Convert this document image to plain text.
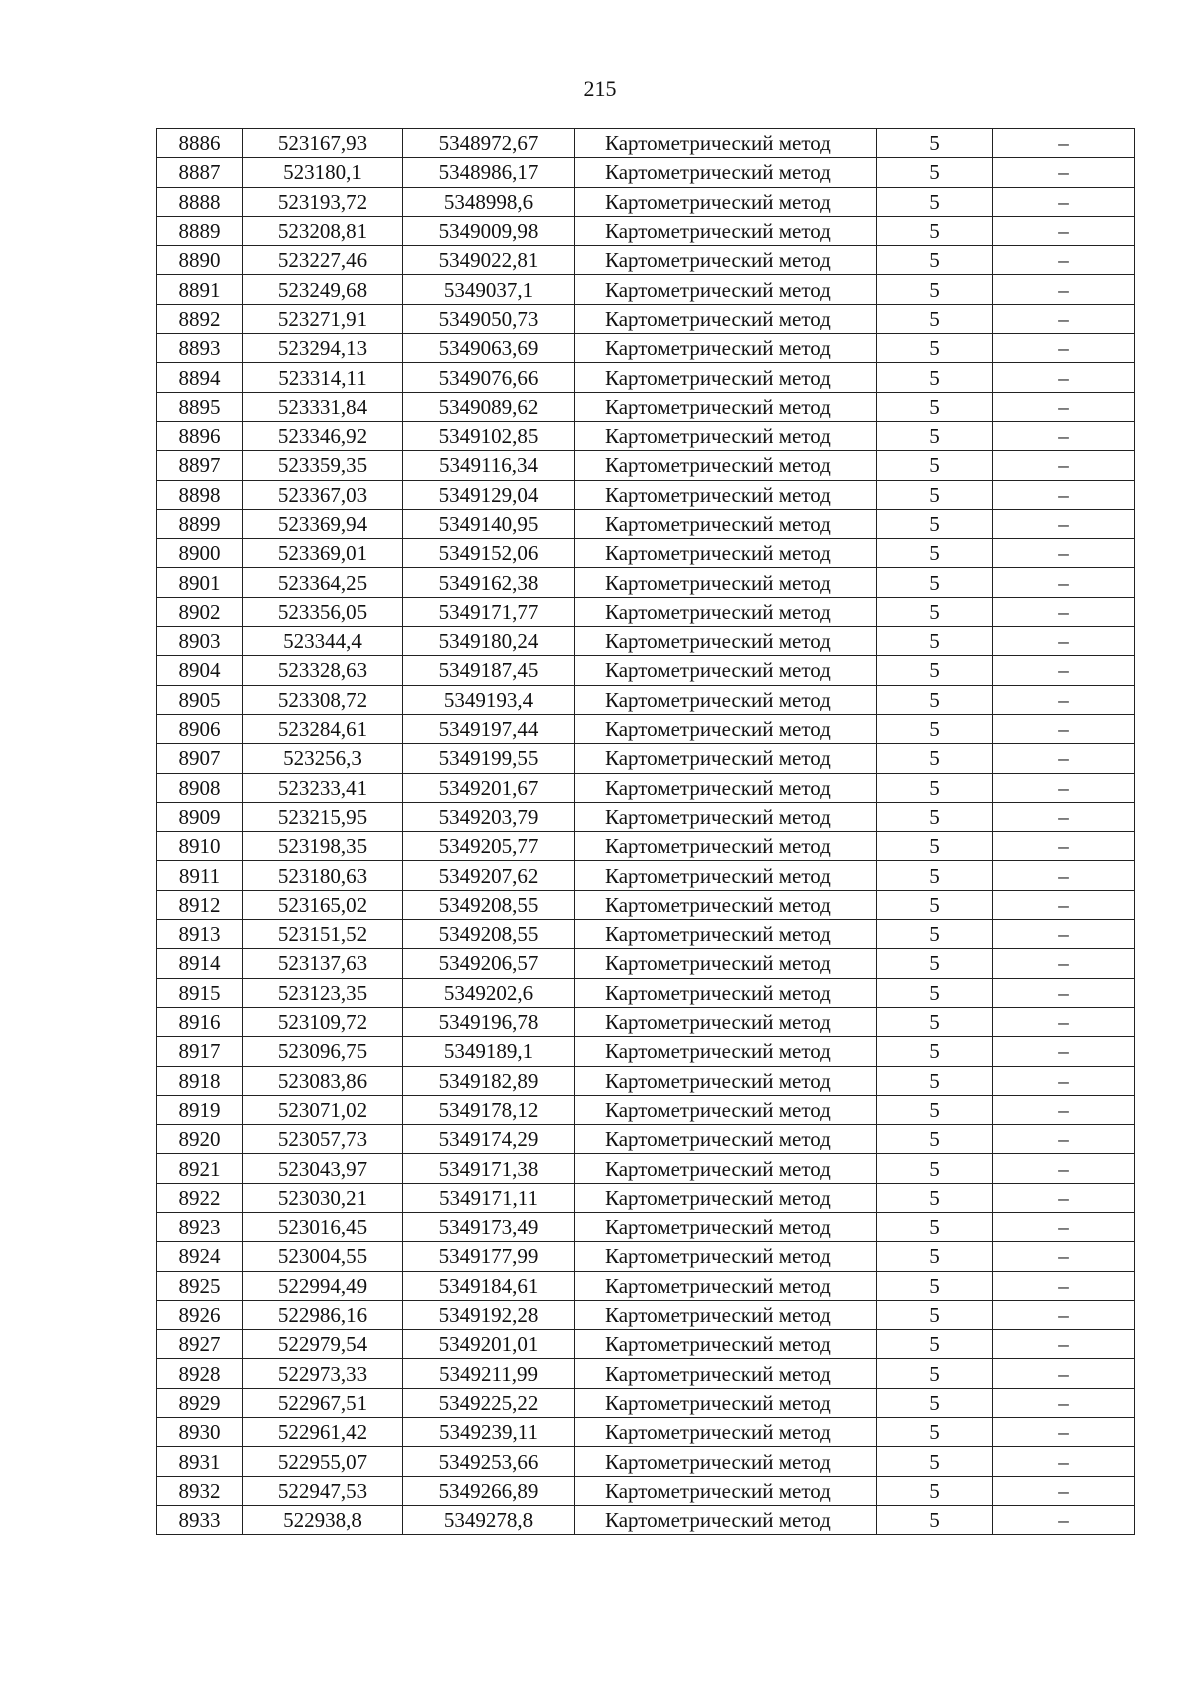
215
8886	523167,93	5348972,67	Картометрический метод	5	–
8887	523180,1	5348986,17	Картометрический метод	5	–
8888	523193,72	5348998,6	Картометрический метод	5	–
8889	523208,81	5349009,98	Картометрический метод	5	–
8890	523227,46	5349022,81	Картометрический метод	5	–
8891	523249,68	5349037,1	Картометрический метод	5	–
8892	523271,91	5349050,73	Картометрический метод	5	–
8893	523294,13	5349063,69	Картометрический метод	5	–
8894	523314,11	5349076,66	Картометрический метод	5	–
8895	523331,84	5349089,62	Картометрический метод	5	–
8896	523346,92	5349102,85	Картометрический метод	5	–
8897	523359,35	5349116,34	Картометрический метод	5	–
8898	523367,03	5349129,04	Картометрический метод	5	–
8899	523369,94	5349140,95	Картометрический метод	5	–
8900	523369,01	5349152,06	Картометрический метод	5	–
8901	523364,25	5349162,38	Картометрический метод	5	–
8902	523356,05	5349171,77	Картометрический метод	5	–
8903	523344,4	5349180,24	Картометрический метод	5	–
8904	523328,63	5349187,45	Картометрический метод	5	–
8905	523308,72	5349193,4	Картометрический метод	5	–
8906	523284,61	5349197,44	Картометрический метод	5	–
8907	523256,3	5349199,55	Картометрический метод	5	–
8908	523233,41	5349201,67	Картометрический метод	5	–
8909	523215,95	5349203,79	Картометрический метод	5	–
8910	523198,35	5349205,77	Картометрический метод	5	–
8911	523180,63	5349207,62	Картометрический метод	5	–
8912	523165,02	5349208,55	Картометрический метод	5	–
8913	523151,52	5349208,55	Картометрический метод	5	–
8914	523137,63	5349206,57	Картометрический метод	5	–
8915	523123,35	5349202,6	Картометрический метод	5	–
8916	523109,72	5349196,78	Картометрический метод	5	–
8917	523096,75	5349189,1	Картометрический метод	5	–
8918	523083,86	5349182,89	Картометрический метод	5	–
8919	523071,02	5349178,12	Картометрический метод	5	–
8920	523057,73	5349174,29	Картометрический метод	5	–
8921	523043,97	5349171,38	Картометрический метод	5	–
8922	523030,21	5349171,11	Картометрический метод	5	–
8923	523016,45	5349173,49	Картометрический метод	5	–
8924	523004,55	5349177,99	Картометрический метод	5	–
8925	522994,49	5349184,61	Картометрический метод	5	–
8926	522986,16	5349192,28	Картометрический метод	5	–
8927	522979,54	5349201,01	Картометрический метод	5	–
8928	522973,33	5349211,99	Картометрический метод	5	–
8929	522967,51	5349225,22	Картометрический метод	5	–
8930	522961,42	5349239,11	Картометрический метод	5	–
8931	522955,07	5349253,66	Картометрический метод	5	–
8932	522947,53	5349266,89	Картометрический метод	5	–
8933	522938,8	5349278,8	Картометрический метод	5	–
